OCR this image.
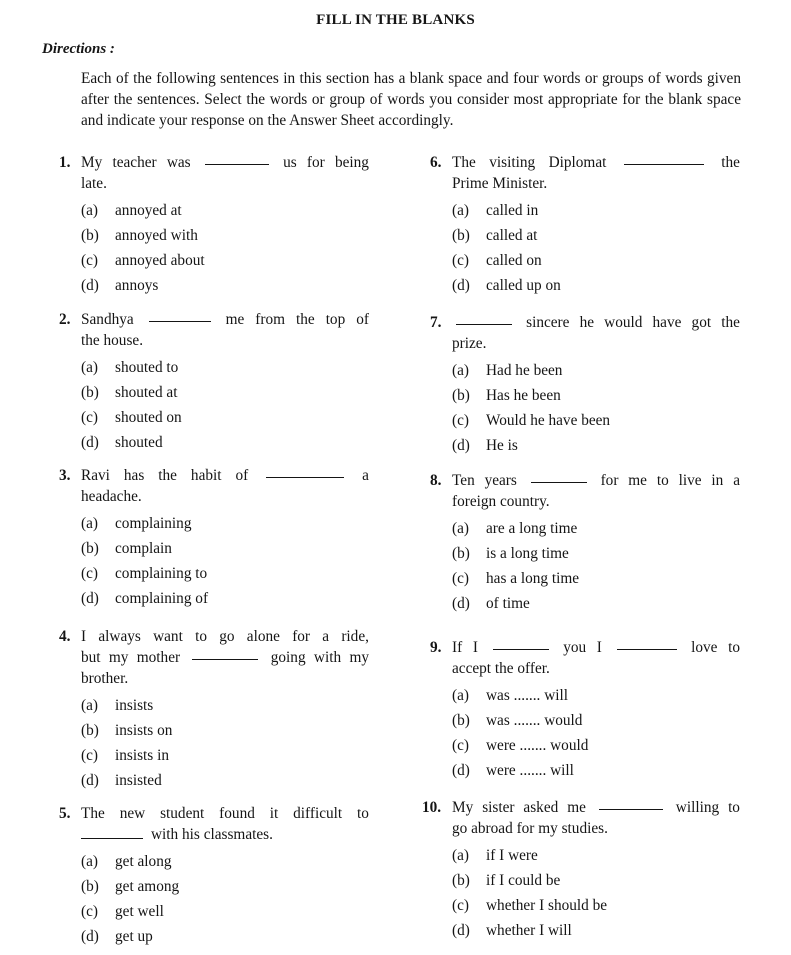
FILL IN THE BLANKS
Directions :
Each of the following sentences in this section has a blank space and four words or groups of words given after the sentences. Select the words or group of words you consider most appropriate for the blank space and indicate your response on the Answer Sheet accordingly.
1. My teacher was	us for being
late.
(a) annoyed at
(b) annoyed with
(c) annoyed about
(d) annoys
2. Sandhya	me from the top of
the house.
(a) shouted to
(b) shouted at
(c) shouted on
(d) shouted
3. Ravi has the habit of	a
headache.
(a) complaining
(b) complain
(c) complaining to
(d) complaining of
4. I always want to go alone for a ride,
but my mother	going with my
brother.
(a) insists
(b) insists on
(c) insists in
(d) insisted
5. The new student found it difficult to
with his classmates.
(a) get along
(b) get among
(c) get well
(d) get up
6. The visiting Diplomat	the
Prime Minister.
(a) called in
(b) called at
(c) called on
(d) called up on
7.	sincere he would have got the
prize.
(a) Had he been
(b) Has he been
(c) Would he have been
(d) He is
8. Ten years	for me to live in a
foreign country.
(a) are a long time
(b) is a long time
(c) has a long time
(d) of time
9. If I	you I	love to
accept the offer.
(a) was ....... will
(b) was ....... would
(c) were ....... would
(d) were ....... will
10. My sister asked me	willing to
go abroad for my studies.
(a) if I were
(b) if I could be
(c) whether I should be
(d) whether I will
